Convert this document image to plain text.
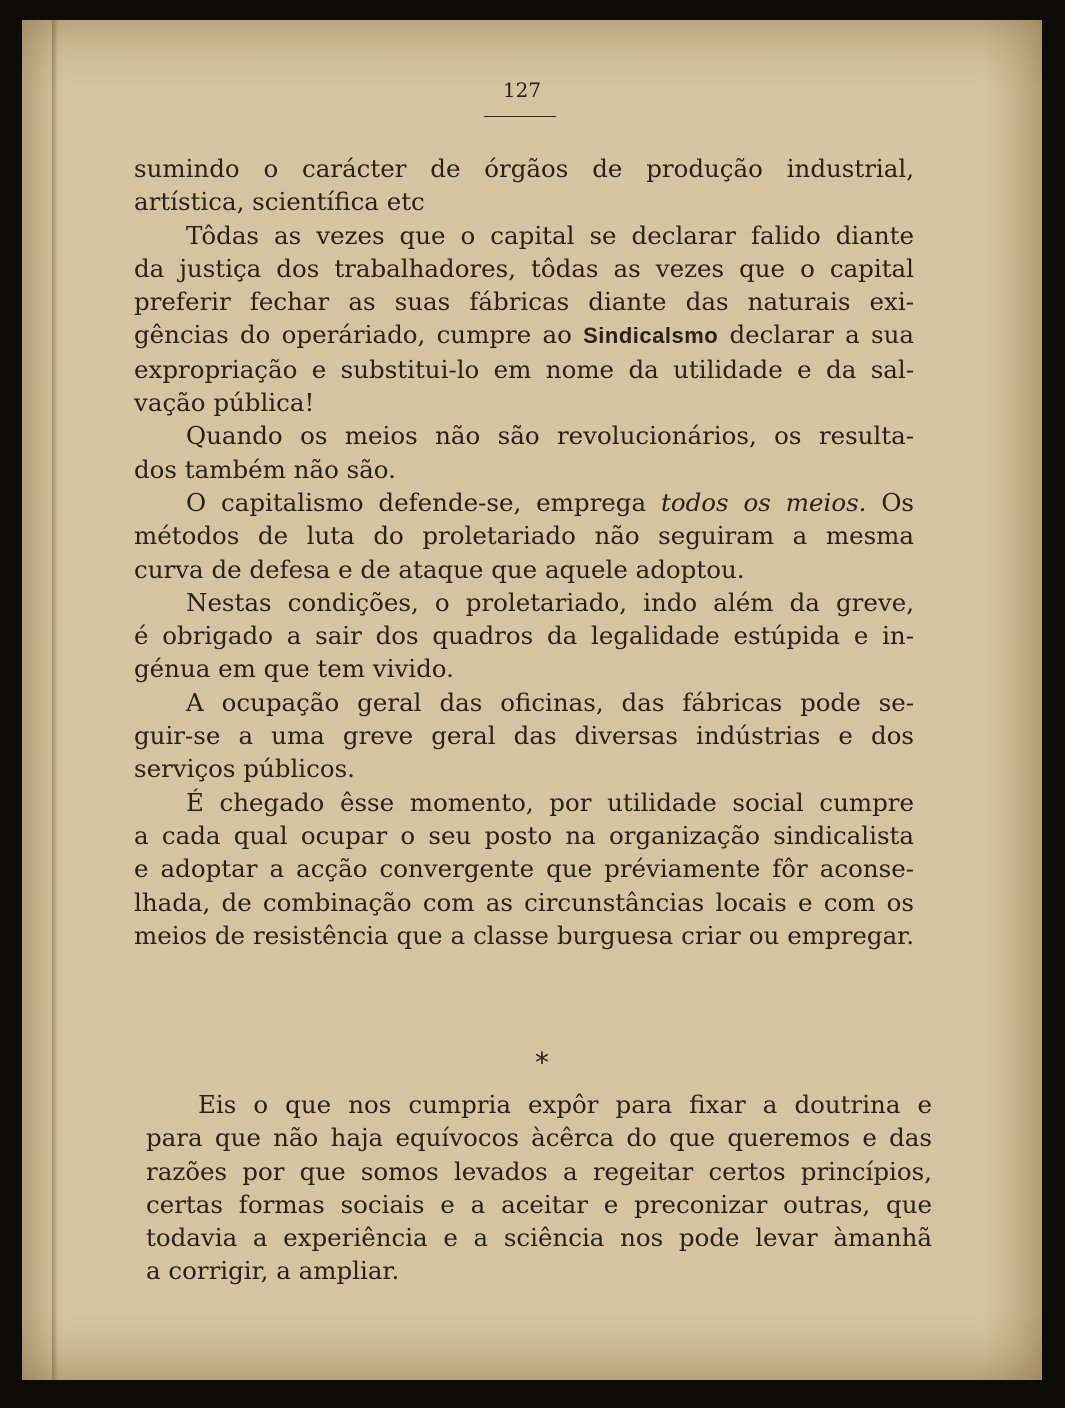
127

sumindo o carácter de órgãos de produção industrial,
artística, scientífica etc

Tôdas as vezes que o capital se declarar falido diante
da justiça dos trabalhadores, tôdas as vezes que o capital
preferir fechar as suas fábricas diante das naturais exi-
gências do operáriado, cumpre ao Sindicalsmo declarar a sua
expropriação e substitui-lo em nome da utilidade e da sal-
vação pública!

Quando os meios não são revolucionários, os resulta-
dos também não são.

O capitalismo defende-se, emprega todos os meios. Os
métodos de luta do proletariado não seguiram a mesma
curva de defesa e de ataque que aquele adoptou.

Nestas condições, o proletariado, indo além da greve,
é obrigado a sair dos quadros da legalidade estúpida e in-
génua em que tem vivido.

A ocupação geral das oficinas, das fábricas pode se-
guir-se a uma greve geral das diversas indústrias e dos
serviços públicos.

É chegado êsse momento, por utilidade social cumpre
a cada qual ocupar o seu posto na organização sindicalista
e adoptar a acção convergente que préviamente fôr aconse-
lhada, de combinação com as circunstâncias locais e com os
meios de resistência que a classe burguesa criar ou empregar.

*

Eis o que nos cumpria expôr para fixar a doutrina e
para que não haja equívocos àcêrca do que queremos e das
razões por que somos levados a regeitar certos princípios,
certas formas sociais e a aceitar e preconizar outras, que
todavia a experiência e a sciência nos pode levar àmanhã
a corrigir, a ampliar.
